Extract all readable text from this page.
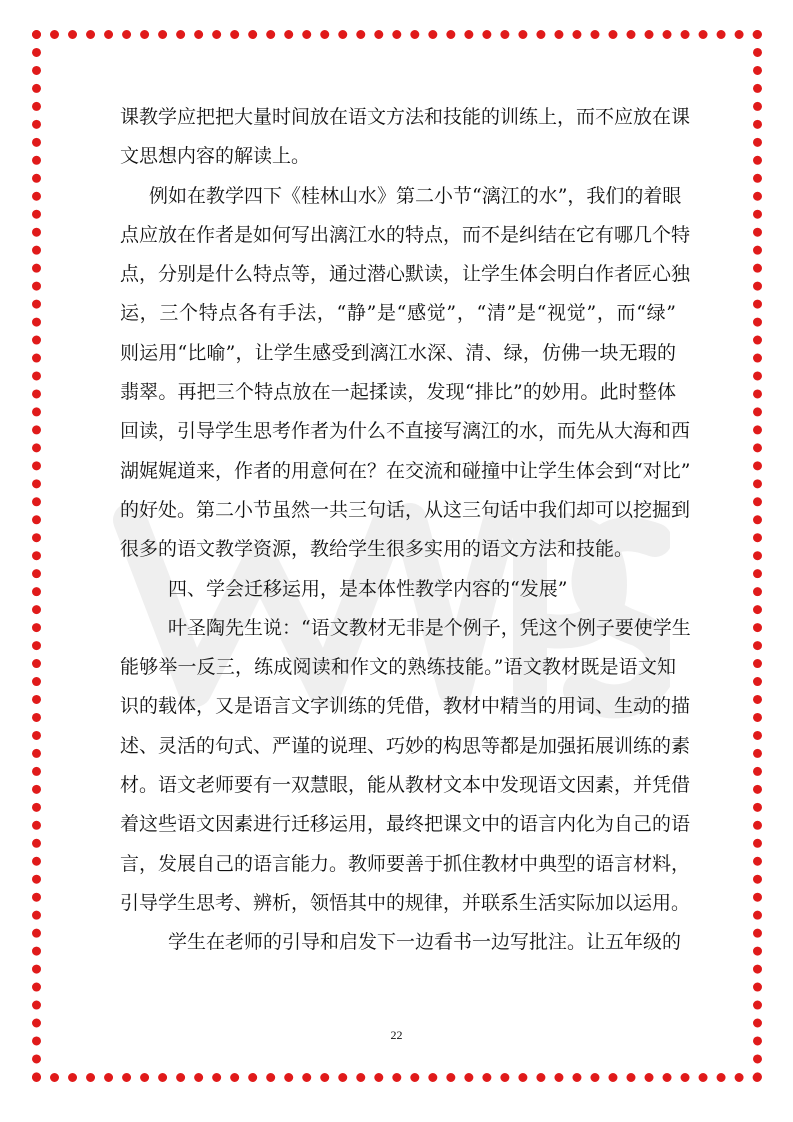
课教学应把把大量时间放在语文方法和技能的训练上，而不应放在课
文思想内容的解读上。
例如在教学四下《桂林山水》第二小节“漓江的水”，我们的着眼
点应放在作者是如何写出漓江水的特点，而不是纠结在它有哪几个特
点，分别是什么特点等，通过潜心默读，让学生体会明白作者匠心独
运，三个特点各有手法，“静”是“感觉”，“清”是“视觉”，而“绿”
则运用“比喻”，让学生感受到漓江水深、清、绿，仿佛一块无瑕的
翡翠。再把三个特点放在一起揉读，发现“排比”的妙用。此时整体
回读，引导学生思考作者为什么不直接写漓江的水，而先从大海和西
湖娓娓道来，作者的用意何在？在交流和碰撞中让学生体会到“对比”
的好处。第二小节虽然一共三句话，从这三句话中我们却可以挖掘到
很多的语文教学资源，教给学生很多实用的语文方法和技能。
四、学会迁移运用，是本体性教学内容的“发展”
叶圣陶先生说：“语文教材无非是个例子，凭这个例子要使学生
能够举一反三，练成阅读和作文的熟练技能。”语文教材既是语文知
识的载体，又是语言文字训练的凭借，教材中精当的用词、生动的描
述、灵活的句式、严谨的说理、巧妙的构思等都是加强拓展训练的素
材。语文老师要有一双慧眼，能从教材文本中发现语文因素，并凭借
着这些语文因素进行迁移运用，最终把课文中的语言内化为自己的语
言，发展自己的语言能力。教师要善于抓住教材中典型的语言材料，
引导学生思考、辨析，领悟其中的规律，并联系生活实际加以运用。
学生在老师的引导和启发下一边看书一边写批注。让五年级的
22
